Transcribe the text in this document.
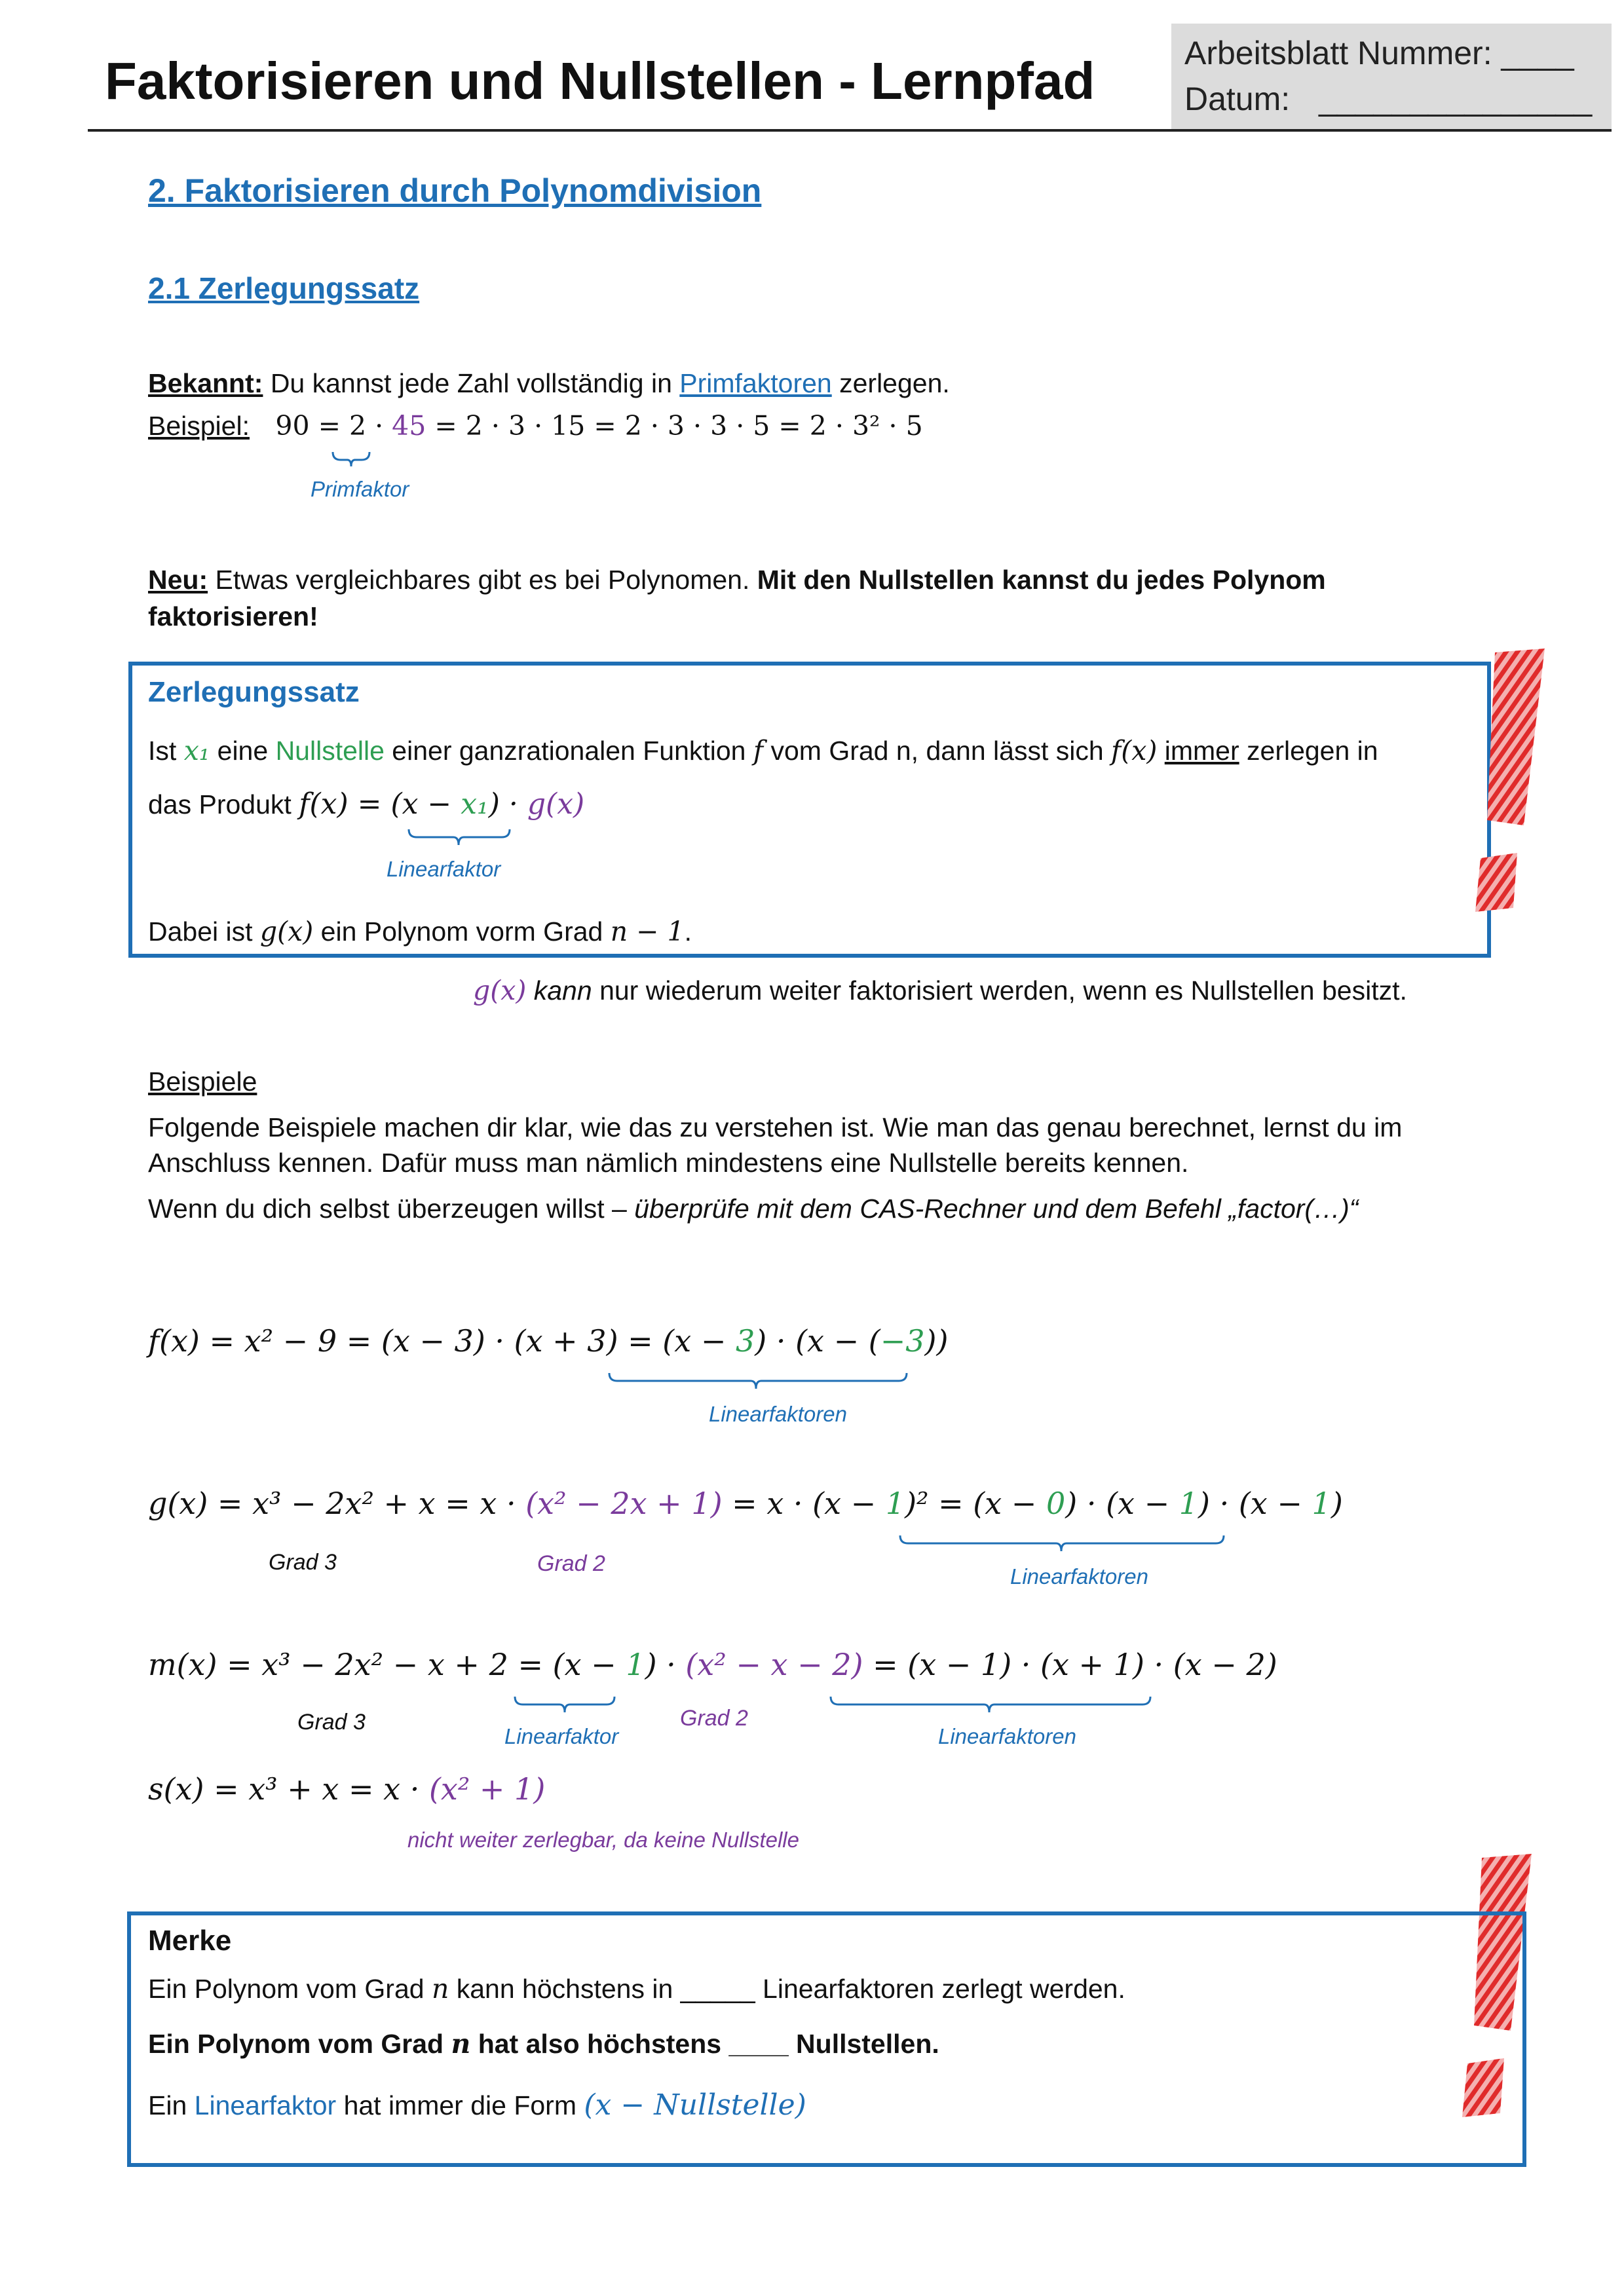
Faktorisieren und Nullstellen - Lernpfad	Arbeitsblatt Nummer: ____
Datum: _______________
2. Faktorisieren durch Polynomdivision
2.1 Zerlegungssatz
Bekannt: Du kannst jede Zahl vollständig in Primfaktoren zerlegen.
Beispiel: 90 = 2 · 45 = 2 · 3 · 15 = 2 · 3 · 3 · 5 = 2 · 3² · 5
Primfaktor
Neu: Etwas vergleichbares gibt es bei Polynomen. Mit den Nullstellen kannst du jedes Polynom
faktorisieren!
Zerlegungssatz
Ist x₁ eine Nullstelle einer ganzrationalen Funktion f vom Grad n, dann lässt sich f(x) immer zerlegen in
das Produkt f(x) = (x − x₁) · g(x)
Linearfaktor
Dabei ist g(x) ein Polynom vorm Grad n − 1.
g(x) kann nur wiederum weiter faktorisiert werden, wenn es Nullstellen besitzt.
Beispiele
Folgende Beispiele machen dir klar, wie das zu verstehen ist. Wie man das genau berechnet, lernst du im
Anschluss kennen. Dafür muss man nämlich mindestens eine Nullstelle bereits kennen.
Wenn du dich selbst überzeugen willst – überprüfe mit dem CAS-Rechner und dem Befehl „factor(…)“
f(x) = x² − 9 = (x − 3) · (x + 3) = (x − 3) · (x − (−3))
Linearfaktoren
g(x) = x³ − 2x² + x = x · (x² − 2x + 1) = x · (x − 1)² = (x − 0) · (x − 1) · (x − 1)
Grad 3	Grad 2
Linearfaktoren
m(x) = x³ − 2x² − x + 2 = (x − 1) · (x² − x − 2) = (x − 1) · (x + 1) · (x − 2)
Grad 3
Linearfaktor
Grad 2
Linearfaktoren
s(x) = x³ + x = x · (x² + 1)
nicht weiter zerlegbar, da keine Nullstelle
Merke
Ein Polynom vom Grad n kann höchstens in _____ Linearfaktoren zerlegt werden.
Ein Polynom vom Grad n hat also höchstens ____ Nullstellen.
Ein Linearfaktor hat immer die Form (x − Nullstelle)
